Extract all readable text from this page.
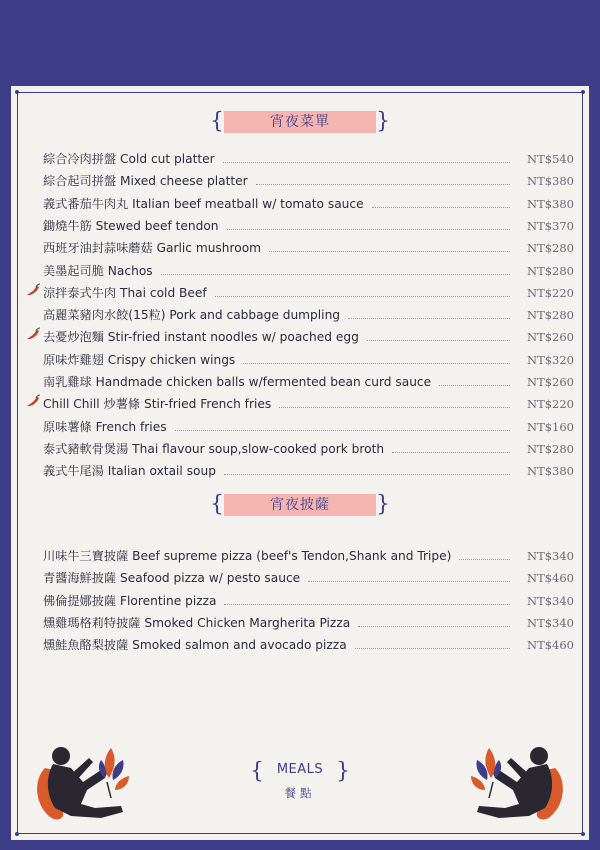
{	宵夜菜單	}
綜合冷肉拼盤 Cold cut platter	NT$540
綜合起司拼盤 Mixed cheese platter	NT$380
義式番茄牛肉丸 Italian beef meatball w/ tomato sauce	NT$380
鋤燒牛筋 Stewed beef tendon	NT$370
西班牙油封蒜味蘑菇 Garlic mushroom	NT$280
美墨起司脆 Nachos	NT$280
涼拌泰式牛肉 Thai cold Beef	NT$220
高麗菜豬肉水餃(15粒) Pork and cabbage dumpling	NT$280
去憂炒泡麵 Stir-fried instant noodles w/ poached egg	NT$260
原味炸雞翅 Crispy chicken wings	NT$320
南乳雞球 Handmade chicken balls w/fermented bean curd sauce	NT$260
Chill Chill 炒薯條 Stir-fried French fries	NT$220
原味薯條 French fries	NT$160
泰式豬軟骨煲湯 Thai flavour soup,slow-cooked pork broth	NT$280
義式牛尾湯 Italian oxtail soup	NT$380
{	宵夜披薩	}
川味牛三寶披薩 Beef supreme pizza (beef's Tendon,Shank and Tripe)	NT$340
青醬海鮮披薩 Seafood pizza w/ pesto sauce	NT$460
佛倫提娜披薩 Florentine pizza	NT$340
燻雞瑪格莉特披薩 Smoked Chicken Margherita Pizza	NT$340
燻鮭魚酪梨披薩 Smoked salmon and avocado pizza	NT$460
{ MEALS
餐點
}
